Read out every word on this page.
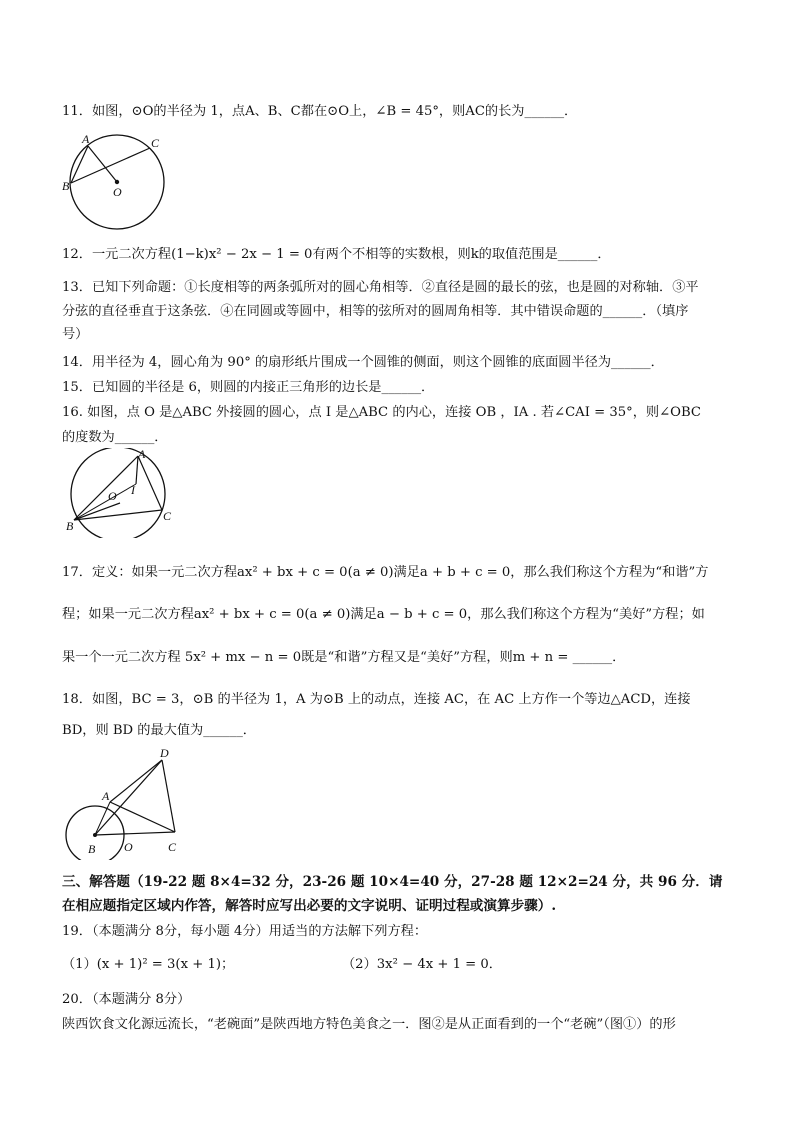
11．如图，⊙O的半径为 1，点A、B、C都在⊙O上，∠B = 45°，则AC的长为______．
A	C
B	O
12．一元二次方程(1−k)x² − 2x − 1 = 0有两个不相等的实数根，则k的取值范围是______．
13．已知下列命题：①长度相等的两条弧所对的圆心角相等．②直径是圆的最长的弦，也是圆的对称轴．③平
分弦的直径垂直于这条弦．④在同圆或等圆中，相等的弦所对的圆周角相等．其中错误命题的______．（填序
号）
14．用半径为 4，圆心角为 90° 的扇形纸片围成一个圆锥的侧面，则这个圆锥的底面圆半径为______．
15．已知圆的半径是 6，则圆的内接正三角形的边长是______．
16. 如图，点 O 是△ABC 外接圆的圆心，点 I 是△ABC 的内心，连接 OB ，IA . 若∠CAI = 35°，则∠OBC
的度数为______．
A
O I
B
C
17．定义：如果一元二次方程ax² + bx + c = 0(a ≠ 0)满足a + b + c = 0，那么我们称这个方程为“和谐”方
程；如果一元二次方程ax² + bx + c = 0(a ≠ 0)满足a − b + c = 0，那么我们称这个方程为“美好”方程；如
果一个一元二次方程 5x² + mx − n = 0既是“和谐”方程又是“美好”方程，则m + n = ______．
18．如图，BC = 3，⊙B 的半径为 1，A 为⊙B 上的动点，连接 AC，在 AC 上方作一个等边△ACD，连接
BD，则 BD 的最大值为______．
D
A
B O	C
三、解答题（19-22 题 8×4=32 分，23-26 题 10×4=40 分，27-28 题 12×2=24 分，共 96 分．请
在相应题指定区域内作答，解答时应写出必要的文字说明、证明过程或演算步骤）.
19．（本题满分 8分，每小题 4分）用适当的方法解下列方程：
（1）(x + 1)² = 3(x + 1)；	（2）3x² − 4x + 1 = 0．
20．（本题满分 8分）
陕西饮食文化源远流长，“老碗面”是陕西地方特色美食之一．图②是从正面看到的一个“老碗”（图①）的形
